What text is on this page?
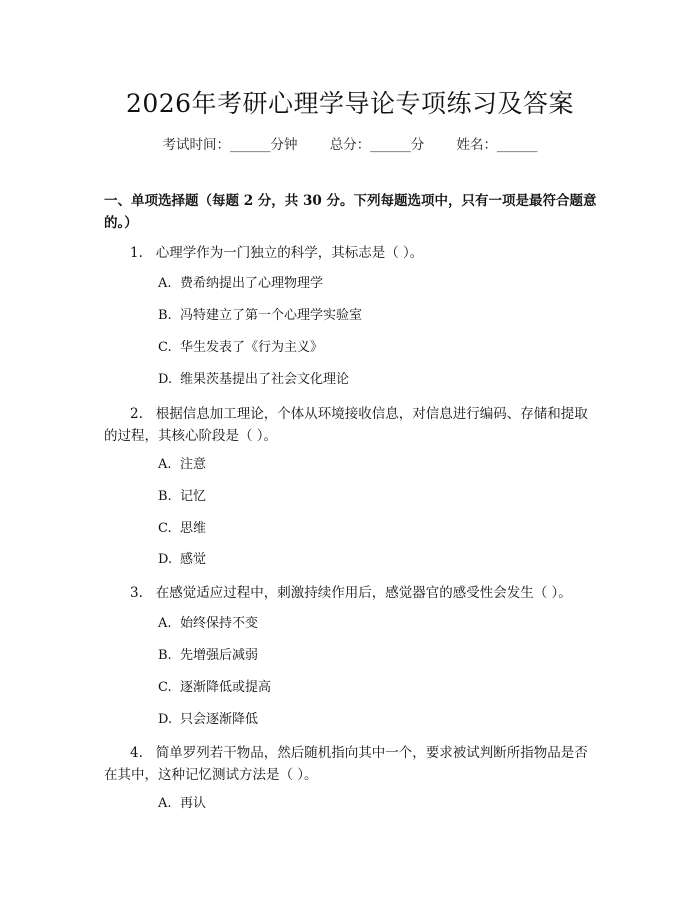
2026年考研心理学导论专项练习及答案
考试时间：______分钟 总分：______分 姓名：______
一、单项选择题（每题 2 分，共 30 分。下列每题选项中，只有一项是最符合题意的。）
1. 心理学作为一门独立的科学，其标志是（ ）。
A. 费希纳提出了心理物理学
B. 冯特建立了第一个心理学实验室
C. 华生发表了《行为主义》
D. 维果茨基提出了社会文化理论
2. 根据信息加工理论，个体从环境接收信息，对信息进行编码、存储和提取的过程，其核心阶段是（ ）。
A. 注意
B. 记忆
C. 思维
D. 感觉
3. 在感觉适应过程中，刺激持续作用后，感觉器官的感受性会发生（ ）。
A. 始终保持不变
B. 先增强后减弱
C. 逐渐降低或提高
D. 只会逐渐降低
4. 简单罗列若干物品，然后随机指向其中一个，要求被试判断所指物品是否在其中，这种记忆测试方法是（ ）。
A. 再认
